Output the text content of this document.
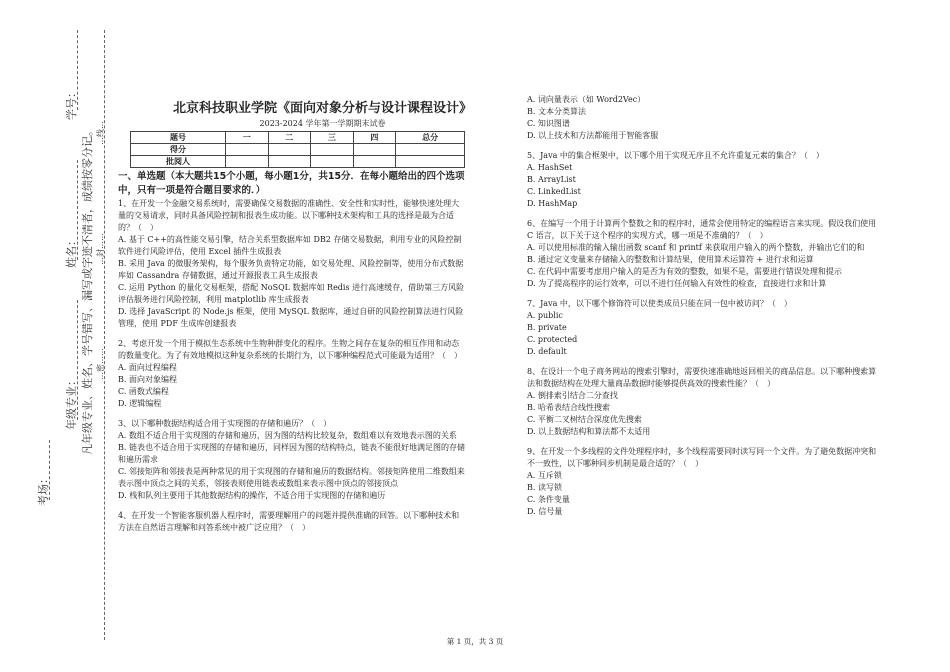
学号：
姓名：
年级专业：
考场：
凡年级专业、姓名、学号错写、漏写或字迹不清者，成绩按零分记。 …密……
…封……
…线…
北京科技职业学院《面向对象分析与设计课程设计》
2023-2024 学年第一学期期末试卷
题号	一	二	三	四	总分
得分					
批阅人					

一、单选题（本大题共15个小题，每小题1分，共15分．在每小题给出的四个选项中，只有一项是符合题目要求的．）

1、在开发一个金融交易系统时，需要确保交易数据的准确性、安全性和实时性，能够快速处理大量的交易请求，同时具备风险控制和报表生成功能。以下哪种技术架构和工具的选择是最为合适的？（　）

A. 基于 C++的高性能交易引擎，结合关系型数据库如 DB2 存储交易数据，利用专业的风险控制软件进行风险评估，使用 Excel 插件生成报表

B. 采用 Java 的微服务架构，每个服务负责特定功能，如交易处理、风险控制等，使用分布式数据库如 Cassandra 存储数据，通过开源报表工具生成报表

C. 运用 Python 的量化交易框架，搭配 NoSQL 数据库如 Redis 进行高速缓存，借助第三方风险评估服务进行风险控制，利用 matplotlib 库生成报表

D. 选择 JavaScript 的 Node.js 框架，使用 MySQL 数据库，通过自研的风险控制算法进行风险管理，使用 PDF 生成库创建报表

2、考虑开发一个用于模拟生态系统中生物种群变化的程序。生物之间存在复杂的相互作用和动态的数量变化。为了有效地模拟这种复杂系统的长期行为，以下哪种编程范式可能最为适用？（　）

A. 面向过程编程

B. 面向对象编程

C. 函数式编程

D. 逻辑编程

3、以下哪种数据结构适合用于实现图的存储和遍历？（　）

A. 数组不适合用于实现图的存储和遍历，因为图的结构比较复杂，数组难以有效地表示图的关系

B. 链表也不适合用于实现图的存储和遍历，同样因为图的结构特点，链表不能很好地满足图的存储和遍历需求

C. 邻接矩阵和邻接表是两种常见的用于实现图的存储和遍历的数据结构。邻接矩阵使用二维数组来表示图中顶点之间的关系，邻接表则使用链表或数组来表示图中顶点的邻接顶点

D. 栈和队列主要用于其他数据结构的操作，不适合用于实现图的存储和遍历

4、在开发一个智能客服机器人程序时，需要理解用户的问题并提供准确的回答。以下哪种技术和方法在自然语言理解和问答系统中被广泛应用？（　）

A. 词向量表示（如 Word2Vec）

B. 文本分类算法

C. 知识图谱

D. 以上技术和方法都能用于智能客服

5、Java 中的集合框架中，以下哪个用于实现无序且不允许重复元素的集合？（　）

A. HashSet

B. ArrayList

C. LinkedList

D. HashMap

6、在编写一个用于计算两个整数之和的程序时，通常会使用特定的编程语言来实现。假设我们使用 C 语言，以下关于这个程序的实现方式，哪一项是不准确的？（　）

A. 可以使用标准的输入输出函数 scanf 和 printf 来获取用户输入的两个整数，并输出它们的和

B. 通过定义变量来存储输入的整数和计算结果，使用算术运算符 + 进行求和运算

C. 在代码中需要考虑用户输入的是否为有效的整数，如果不是，需要进行错误处理和提示

D. 为了提高程序的运行效率，可以不进行任何输入有效性的检查，直接进行求和计算

7、Java 中，以下哪个修饰符可以使类成员只能在同一包中被访问？（　）

A. public

B. private

C. protected

D. default

8、在设计一个电子商务网站的搜索引擎时，需要快速准确地返回相关的商品信息。以下哪种搜索算法和数据结构在处理大量商品数据时能够提供高效的搜索性能？（　）

A. 倒排索引结合二分查找

B. 哈希表结合线性搜索

C. 平衡二叉树结合深度优先搜索

D. 以上数据结构和算法都不太适用

9、在开发一个多线程的文件处理程序时，多个线程需要同时读写同一个文件。为了避免数据冲突和不一致性，以下哪种同步机制是最合适的？（　）

A. 互斥锁

B. 读写锁

C. 条件变量

D. 信号量

第 1 页，共 3 页
